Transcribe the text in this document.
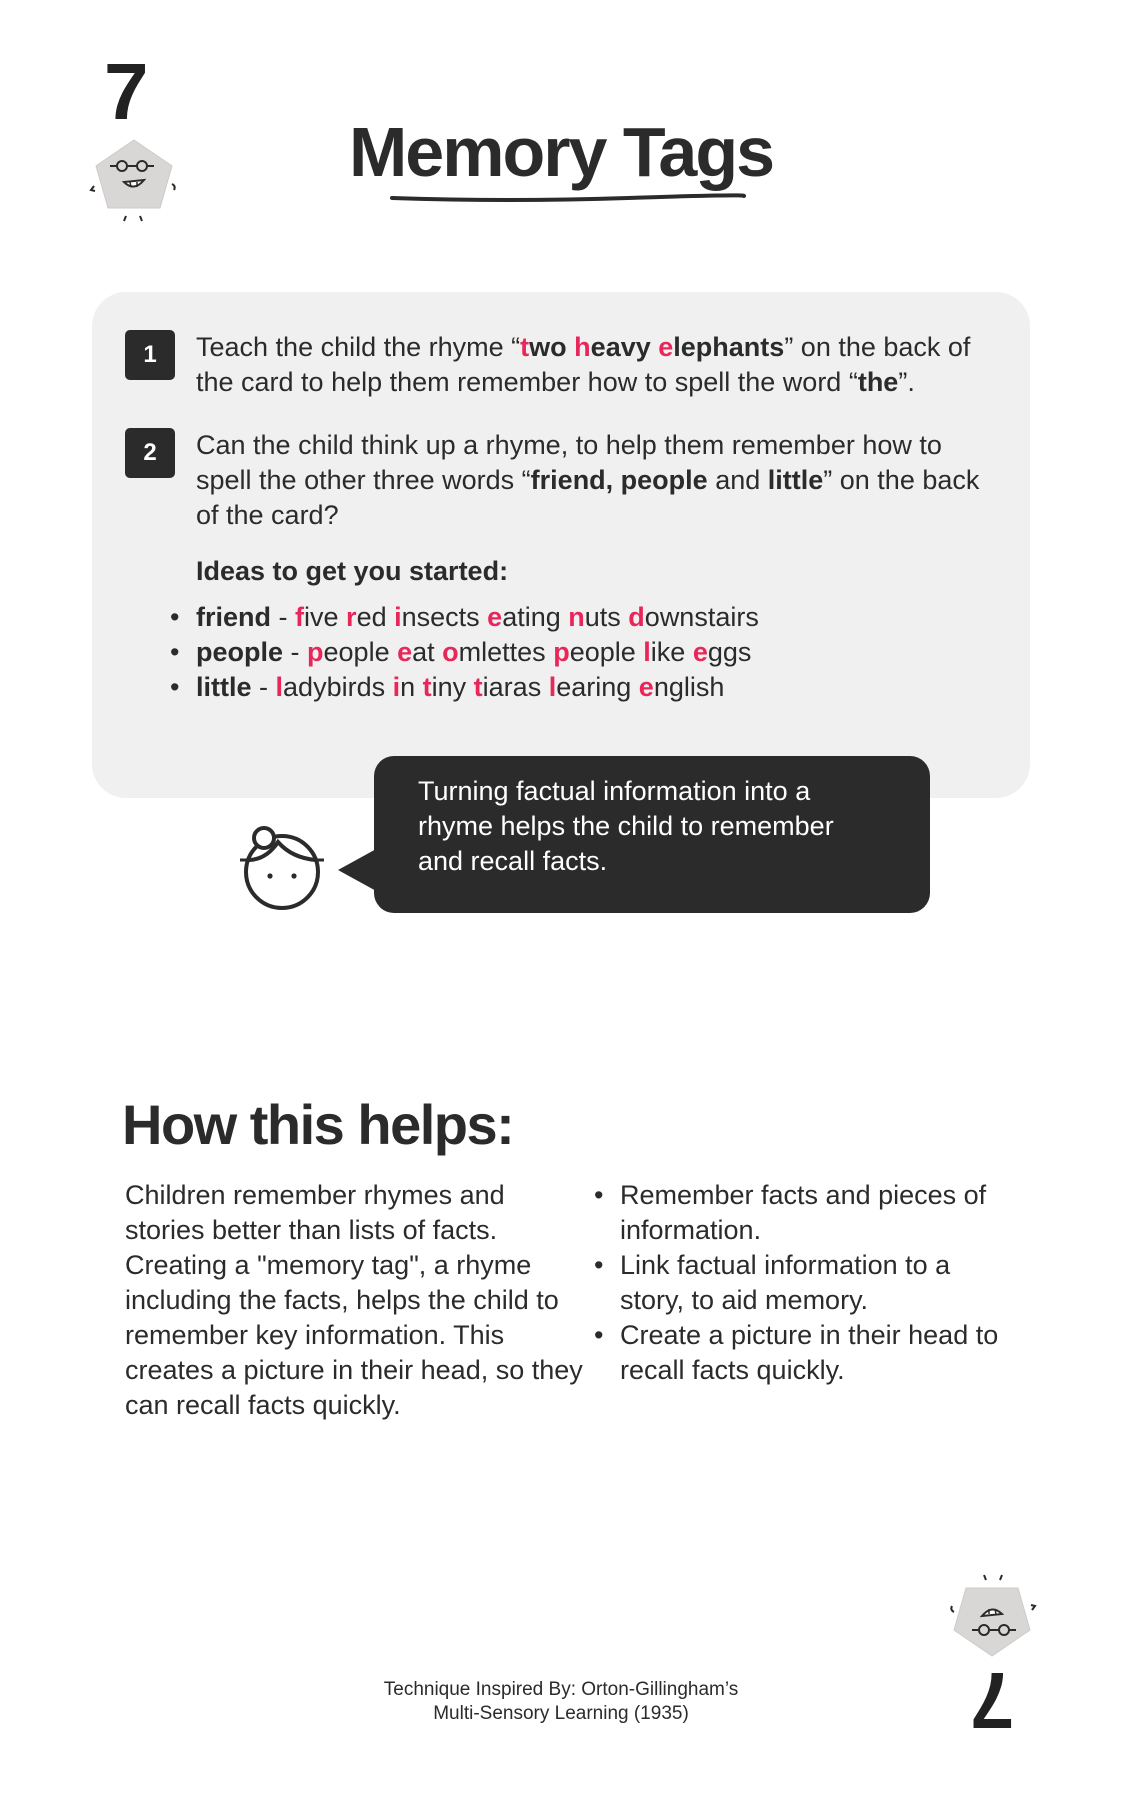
7
Memory Tags
1	Teach the child the rhyme “two heavy elephants” on the back of the card to help them remember how to spell the word “the”.

2	Can the child think up a rhyme, to help them remember how to spell the other three words “friend, people and little” on the back of the card?

Ideas to get you started:

• friend - five red insects eating nuts downstairs
• people - people eat omlettes people like eggs
• little - ladybirds in tiny tiaras learing english

Turning factual information into a rhyme helps the child to remember and recall facts.

How this helps:

Children remember rhymes and stories better than lists of facts. Creating a "memory tag", a rhyme including the facts, helps the child to remember key information. This creates a picture in their head, so they can recall facts quickly.

• Remember facts and pieces of information.
• Link factual information to a story, to aid memory.
• Create a picture in their head to recall facts quickly.
7
Technique Inspired By: Orton-Gillingham’s
Multi-Sensory Learning (1935)
